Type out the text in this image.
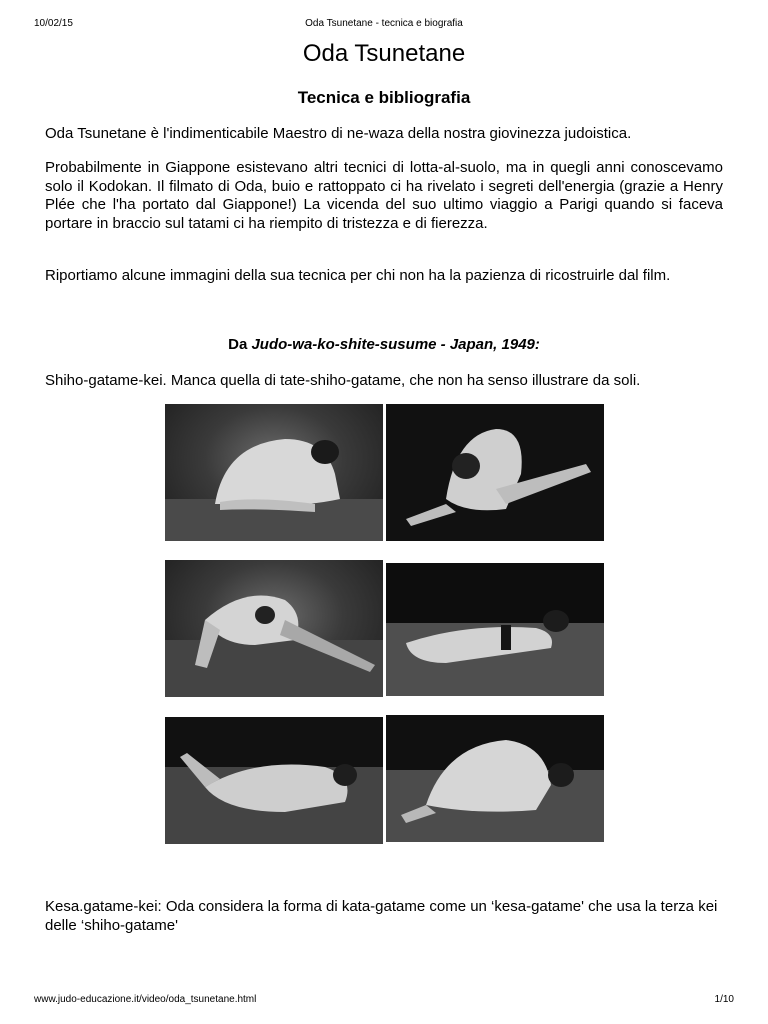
10/02/15	Oda Tsunetane - tecnica e biografia
Oda Tsunetane
Tecnica e bibliografia

Oda Tsunetane è l'indimenticabile Maestro di ne-waza della nostra giovinezza judoistica.

Probabilmente in Giappone esistevano altri tecnici di lotta-al-suolo, ma in quegli anni conoscevamo solo il Kodokan. Il filmato di Oda, buio e rattoppato ci ha rivelato i segreti dell'energia (grazie a Henry Plée che l'ha portato dal Giappone!) La vicenda del suo ultimo viaggio a Parigi quando si faceva portare in braccio sul tatami ci ha riempito di tristezza e di fierezza.

Riportiamo alcune immagini della sua tecnica per chi non ha la pazienza di ricostruirle dal film.

Da Judo-wa-ko-shite-susume - Japan, 1949:

Shiho-gatame-kei. Manca quella di tate-shiho-gatame, che non ha senso illustrare da soli.

Kesa.gatame-kei: Oda considera la forma di kata-gatame come un ‘kesa-gatame' che usa la terza kei delle ‘shiho-gatame'

www.judo-educazione.it/video/oda_tsunetane.html	1/10
